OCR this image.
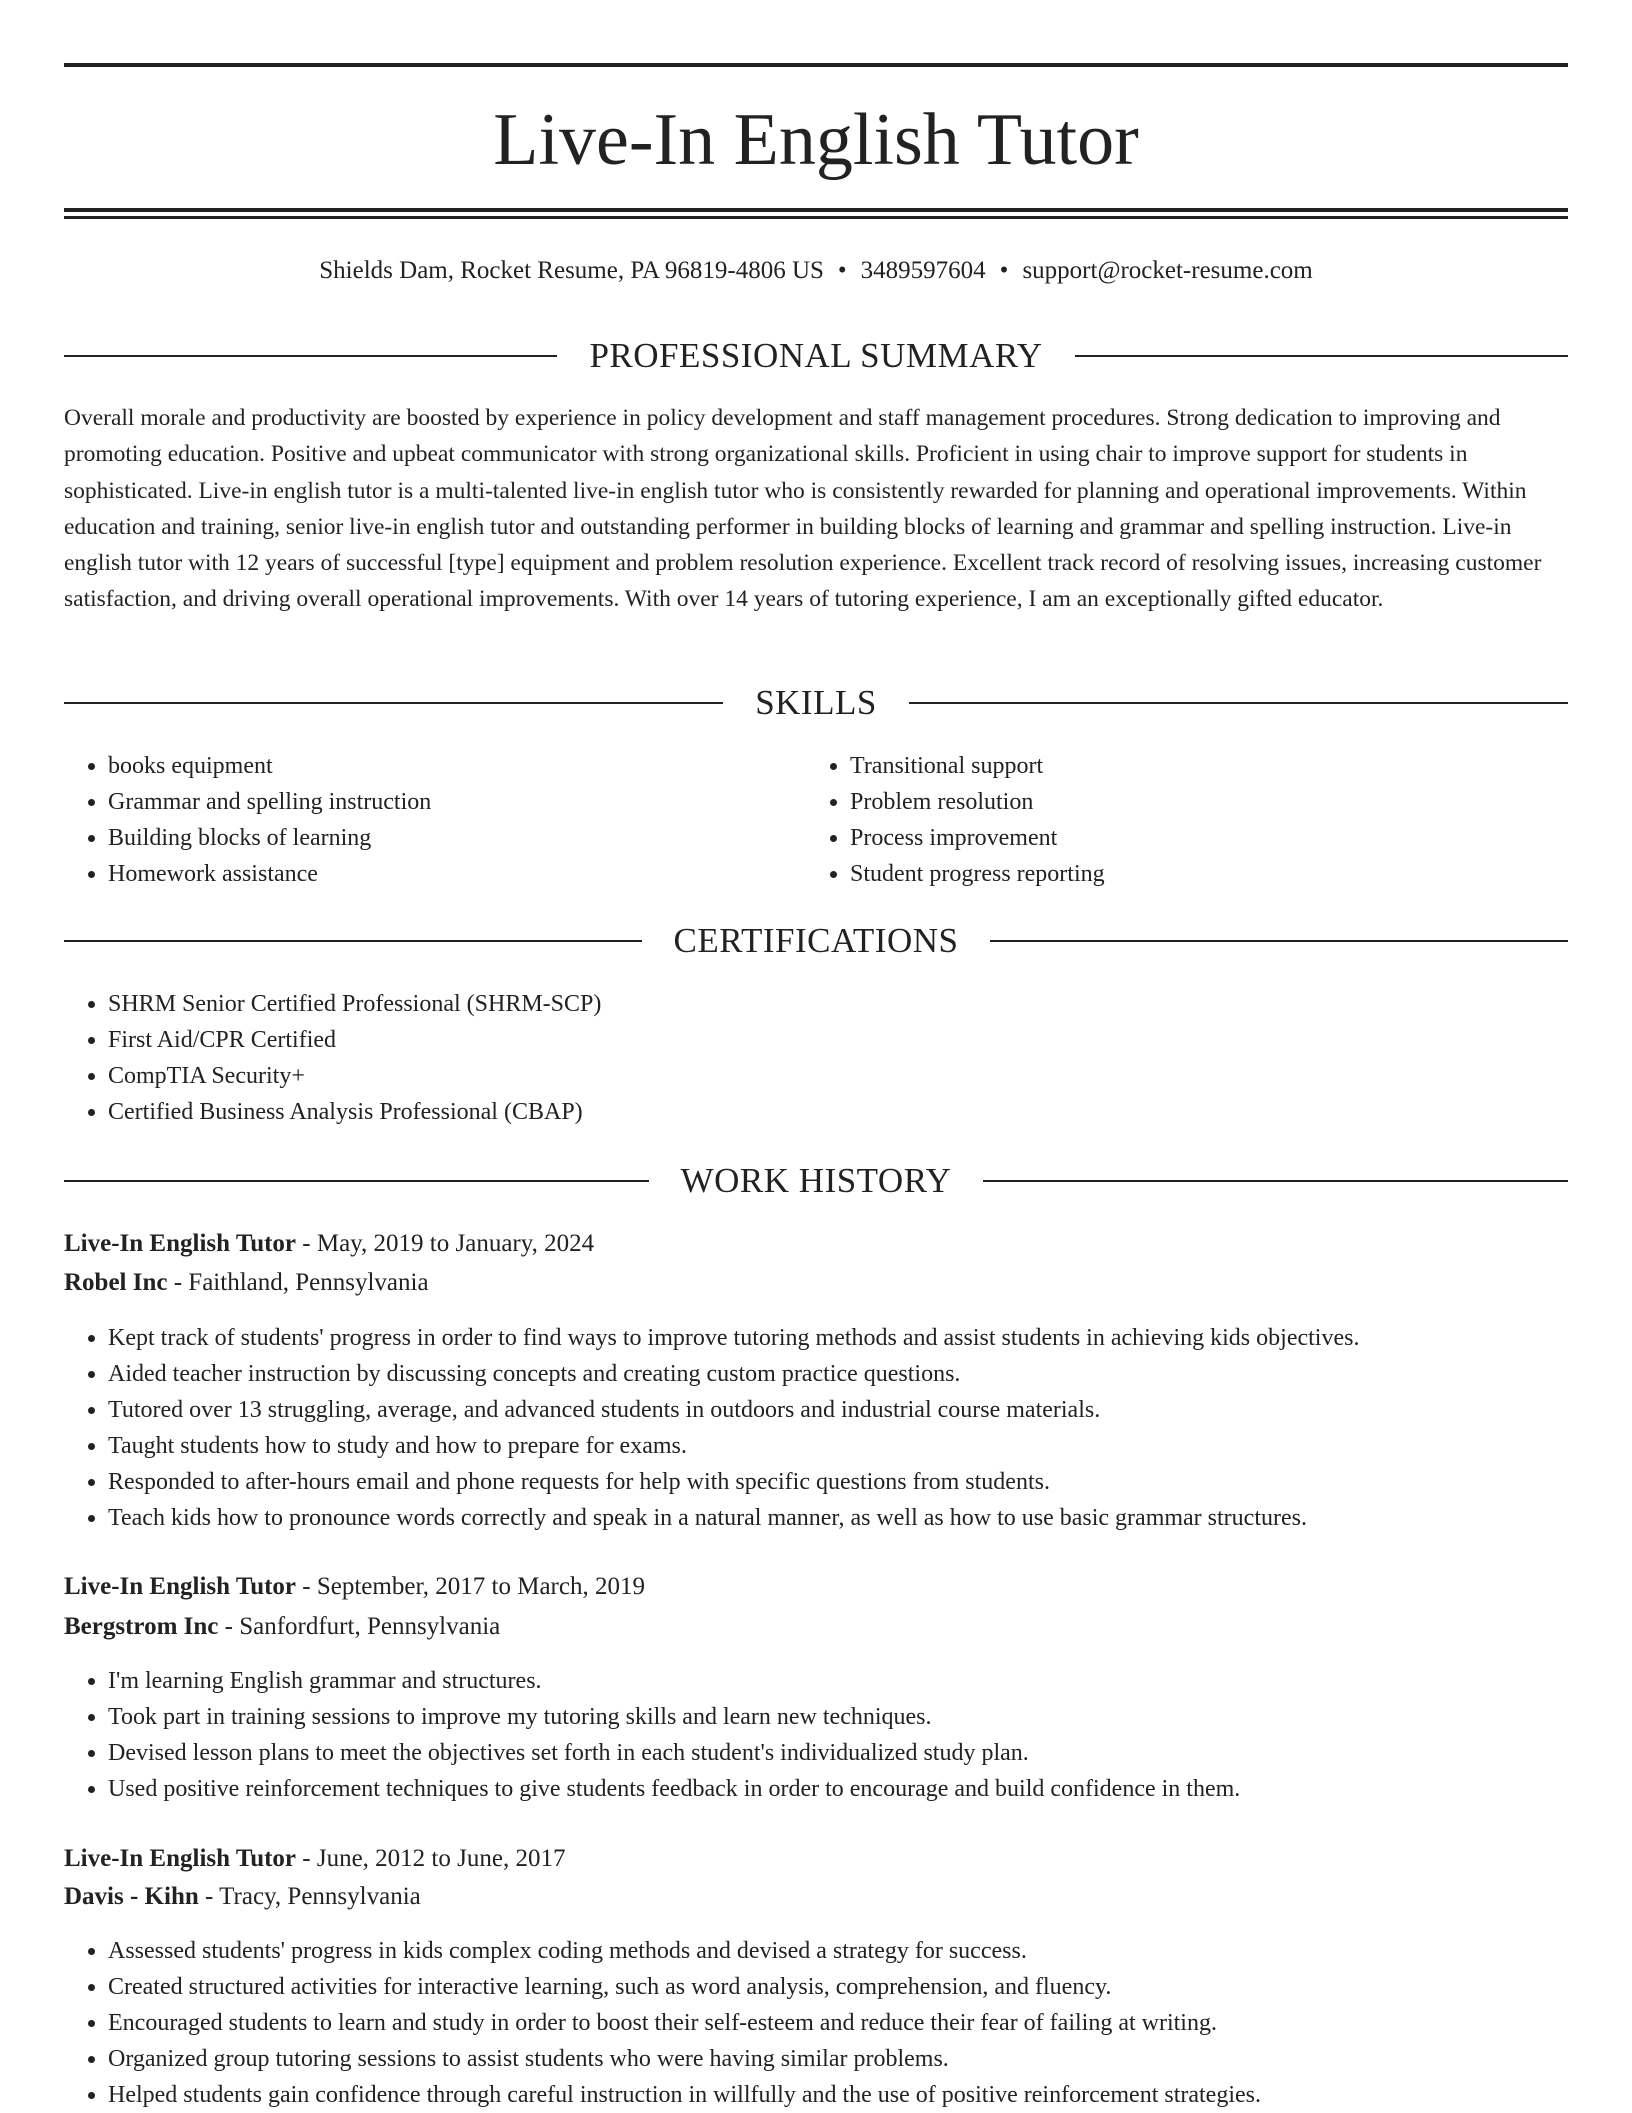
Live-In English Tutor
Shields Dam, Rocket Resume, PA 96819-4806 US • 3489597604 • support@rocket-resume.com
PROFESSIONAL SUMMARY

Overall morale and productivity are boosted by experience in policy development and staff management procedures. Strong dedication to improving and promoting education. Positive and upbeat communicator with strong organizational skills. Proficient in using chair to improve support for students in sophisticated. Live-in english tutor is a multi-talented live-in english tutor who is consistently rewarded for planning and operational improvements. Within education and training, senior live-in english tutor and outstanding performer in building blocks of learning and grammar and spelling instruction. Live-in english tutor with 12 years of successful [type] equipment and problem resolution experience. Excellent track record of resolving issues, increasing customer satisfaction, and driving overall operational improvements. With over 14 years of tutoring experience, I am an exceptionally gifted educator.

SKILLS
• books equipment
• Grammar and spelling instruction
• Building blocks of learning
• Homework assistance
• Transitional support
• Problem resolution
• Process improvement
• Student progress reporting
CERTIFICATIONS
• SHRM Senior Certified Professional (SHRM-SCP)
• First Aid/CPR Certified
• CompTIA Security+
• Certified Business Analysis Professional (CBAP)
WORK HISTORY
Live-In English Tutor - May, 2019 to January, 2024
Robel Inc - Faithland, Pennsylvania
• Kept track of students' progress in order to find ways to improve tutoring methods and assist students in achieving kids objectives.
• Aided teacher instruction by discussing concepts and creating custom practice questions.
• Tutored over 13 struggling, average, and advanced students in outdoors and industrial course materials.
• Taught students how to study and how to prepare for exams.
• Responded to after-hours email and phone requests for help with specific questions from students.
• Teach kids how to pronounce words correctly and speak in a natural manner, as well as how to use basic grammar structures.
Live-In English Tutor - September, 2017 to March, 2019
Bergstrom Inc - Sanfordfurt, Pennsylvania
• I'm learning English grammar and structures.
• Took part in training sessions to improve my tutoring skills and learn new techniques.
• Devised lesson plans to meet the objectives set forth in each student's individualized study plan.
• Used positive reinforcement techniques to give students feedback in order to encourage and build confidence in them.
Live-In English Tutor - June, 2012 to June, 2017
Davis - Kihn - Tracy, Pennsylvania
• Assessed students' progress in kids complex coding methods and devised a strategy for success.
• Created structured activities for interactive learning, such as word analysis, comprehension, and fluency.
• Encouraged students to learn and study in order to boost their self-esteem and reduce their fear of failing at writing.
• Organized group tutoring sessions to assist students who were having similar problems.
• Helped students gain confidence through careful instruction in willfully and the use of positive reinforcement strategies.
